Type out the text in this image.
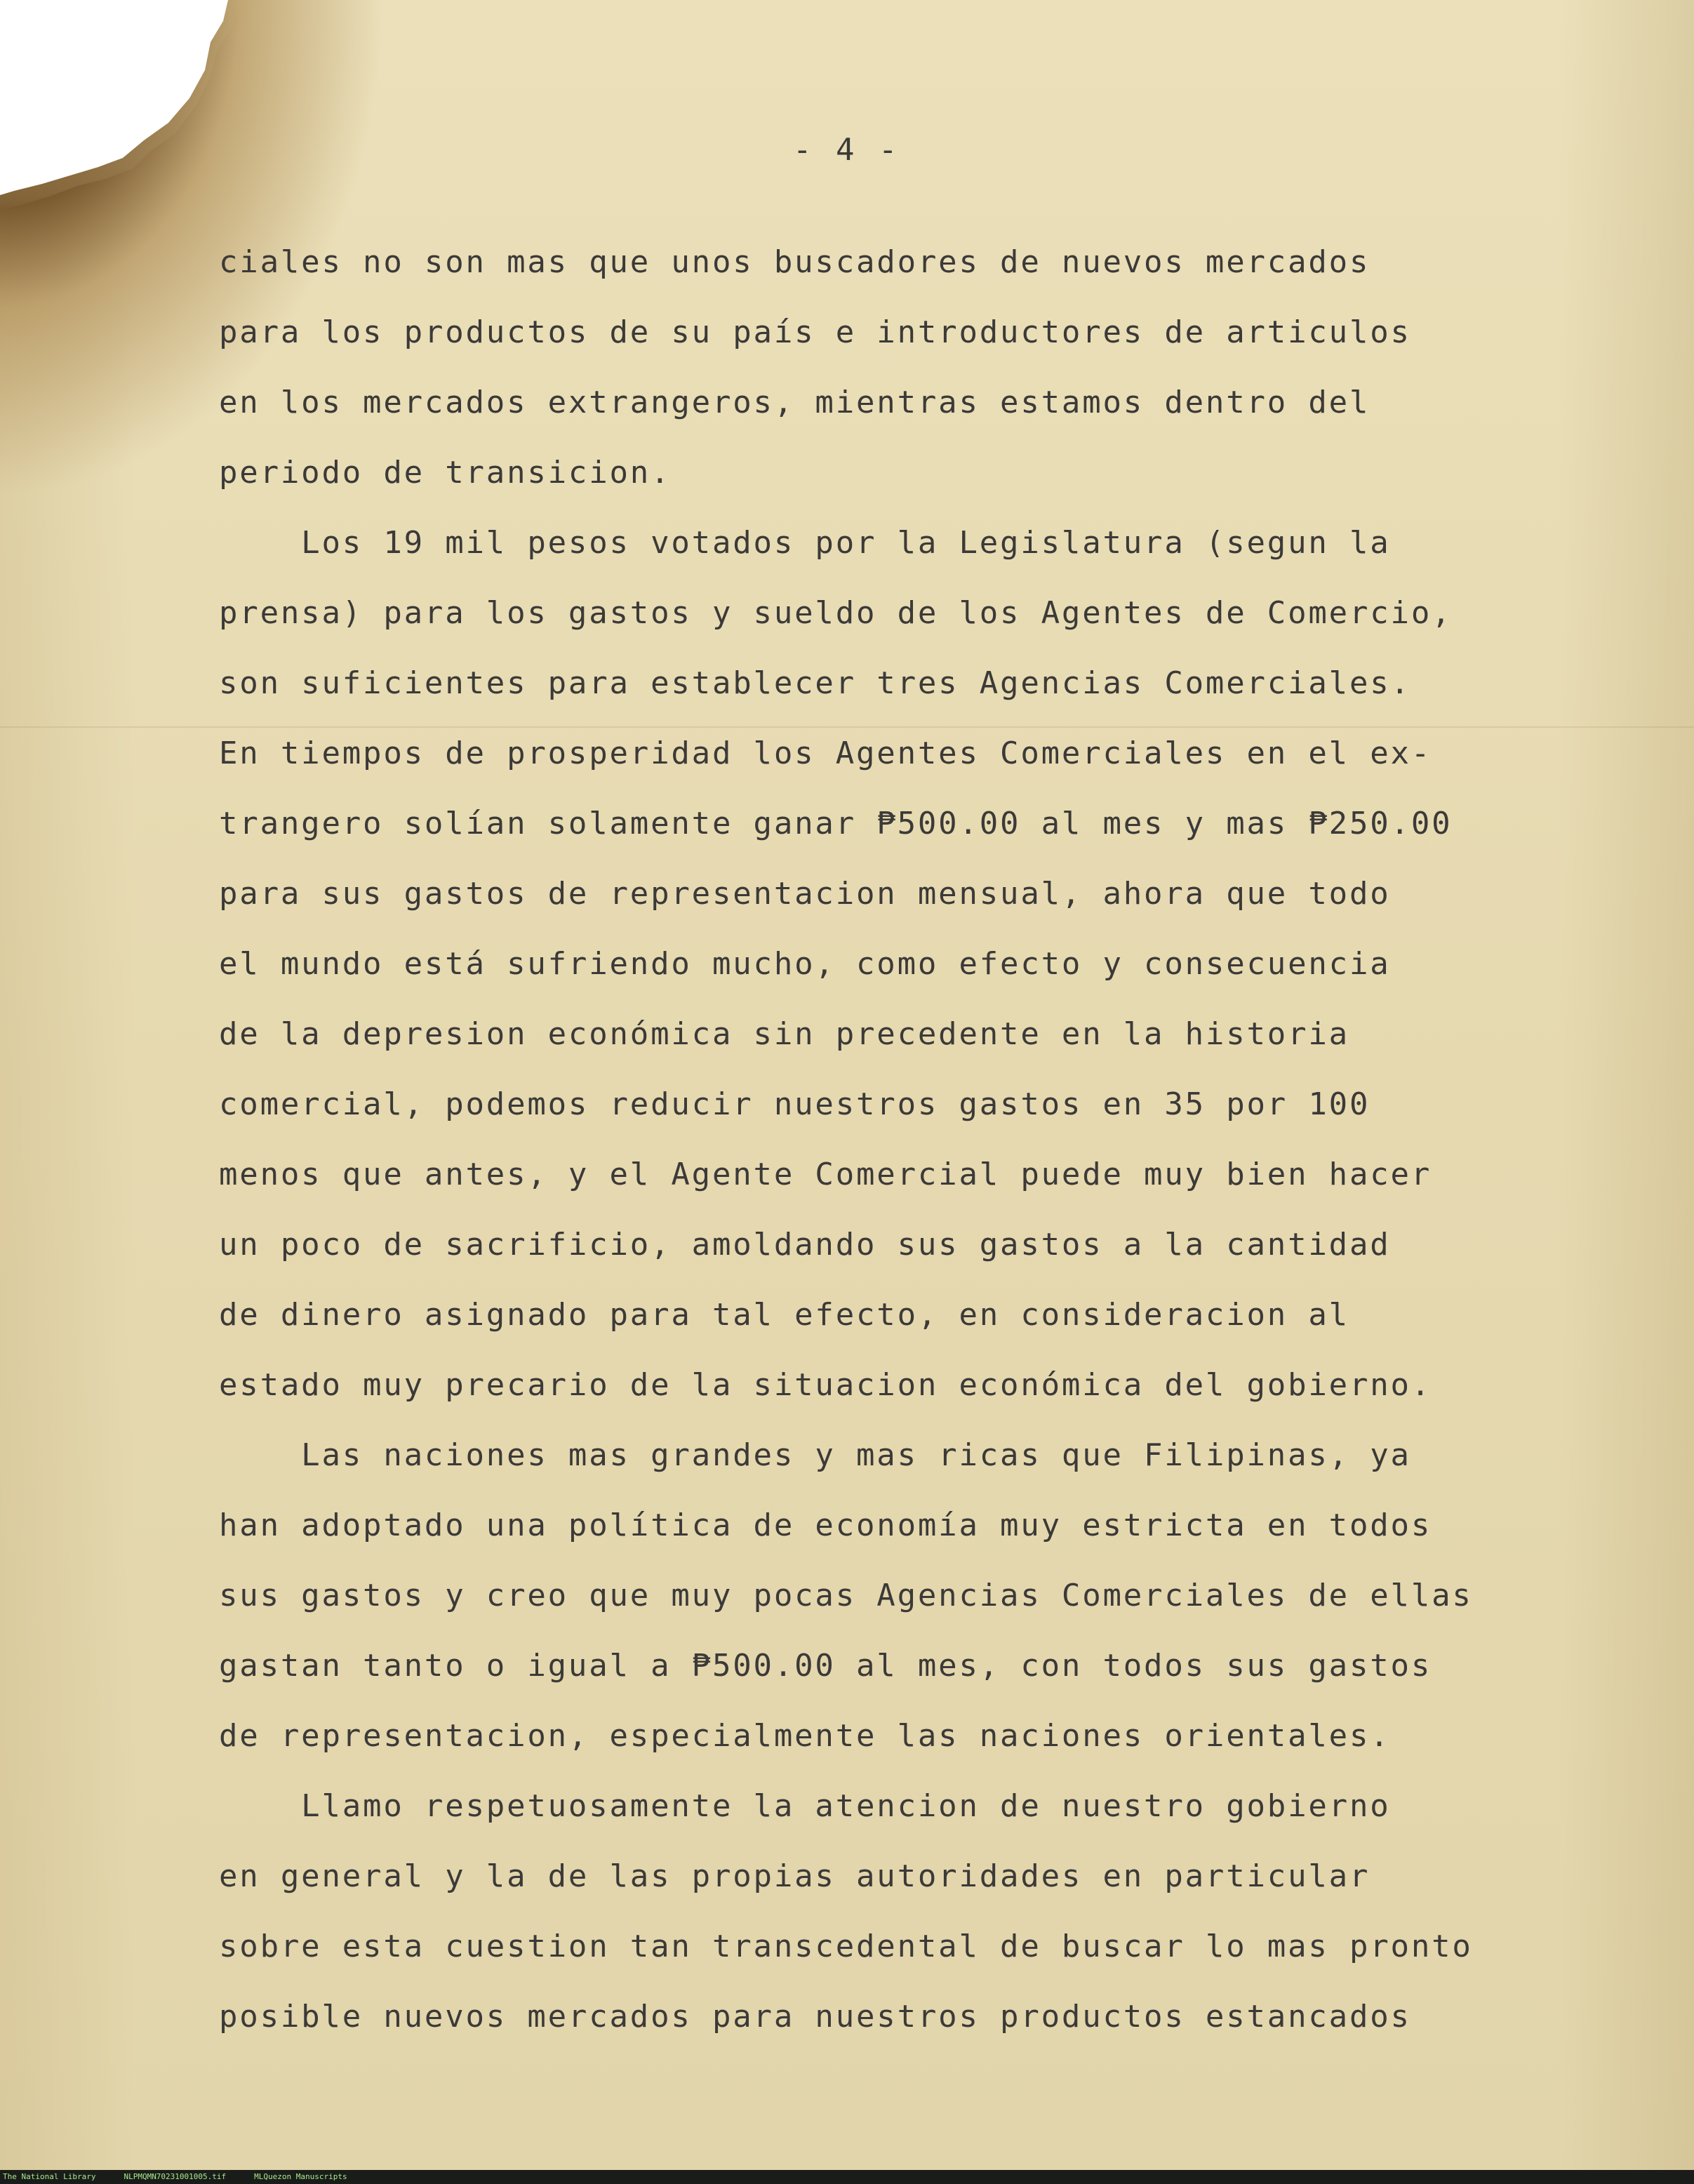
- 4 -
ciales no son mas que unos buscadores de nuevos mercados
para los productos de su país e introductores de articulos
en los mercados extrangeros, mientras estamos dentro del
periodo de transicion.
Los 19 mil pesos votados por la Legislatura (segun la
prensa) para los gastos y sueldo de los Agentes de Comercio,
son suficientes para establecer tres Agencias Comerciales.
En tiempos de prosperidad los Agentes Comerciales en el ex-
trangero solían solamente ganar ₱500.00 al mes y mas ₱250.00
para sus gastos de representacion mensual, ahora que todo
el mundo está sufriendo mucho, como efecto y consecuencia
de la depresion económica sin precedente en la historia
comercial, podemos reducir nuestros gastos en 35 por 100
menos que antes, y el Agente Comercial puede muy bien hacer
un poco de sacrificio, amoldando sus gastos a la cantidad
de dinero asignado para tal efecto, en consideracion al
estado muy precario de la situacion económica del gobierno.
Las naciones mas grandes y mas ricas que Filipinas, ya
han adoptado una política de economía muy estricta en todos
sus gastos y creo que muy pocas Agencias Comerciales de ellas
gastan tanto o igual a ₱500.00 al mes, con todos sus gastos
de representacion, especialmente las naciones orientales.
Llamo respetuosamente la atencion de nuestro gobierno
en general y la de las propias autoridades en particular
sobre esta cuestion tan transcedental de buscar lo mas pronto
posible nuevos mercados para nuestros productos estancados
The National Library	NLPMQMN70231001005.tif	MLQuezon Manuscripts
